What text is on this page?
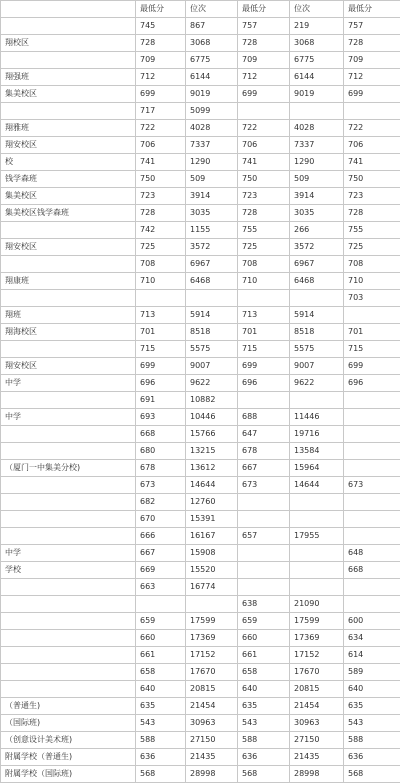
	最低分	位次	最低分	位次	最低分
	745	867	757	219	757
翔校区	728	3068	728	3068	728
	709	6775	709	6775	709
翔强班	712	6144	712	6144	712
集美校区	699	9019	699	9019	699
	717	5099			
翔雅班	722	4028	722	4028	722
翔安校区	706	7337	706	7337	706
校	741	1290	741	1290	741
钱学森班	750	509	750	509	750
集美校区	723	3914	723	3914	723
集美校区钱学森班	728	3035	728	3035	728
	742	1155	755	266	755
翔安校区	725	3572	725	3572	725
	708	6967	708	6967	708
翔康班	710	6468	710	6468	710
					703
翔班	713	5914	713	5914	
翔海校区	701	8518	701	8518	701
	715	5575	715	5575	715
翔安校区	699	9007	699	9007	699
中学	696	9622	696	9622	696
	691	10882			
中学	693	10446	688	11446	
	668	15766	647	19716	
	680	13215	678	13584	
（厦门一中集美分校)	678	13612	667	15964	
	673	14644	673	14644	673
	682	12760			
	670	15391			
	666	16167	657	17955	
中学	667	15908			648
学校	669	15520			668
	663	16774			
			638	21090	
	659	17599	659	17599	600
	660	17369	660	17369	634
	661	17152	661	17152	614
	658	17670	658	17670	589
	640	20815	640	20815	640
（普通生)	635	21454	635	21454	635
（国际班)	543	30963	543	30963	543
（创意设计美术班)	588	27150	588	27150	588
附属学校（普通生)	636	21435	636	21435	636
附属学校（国际班)	568	28998	568	28998	568
